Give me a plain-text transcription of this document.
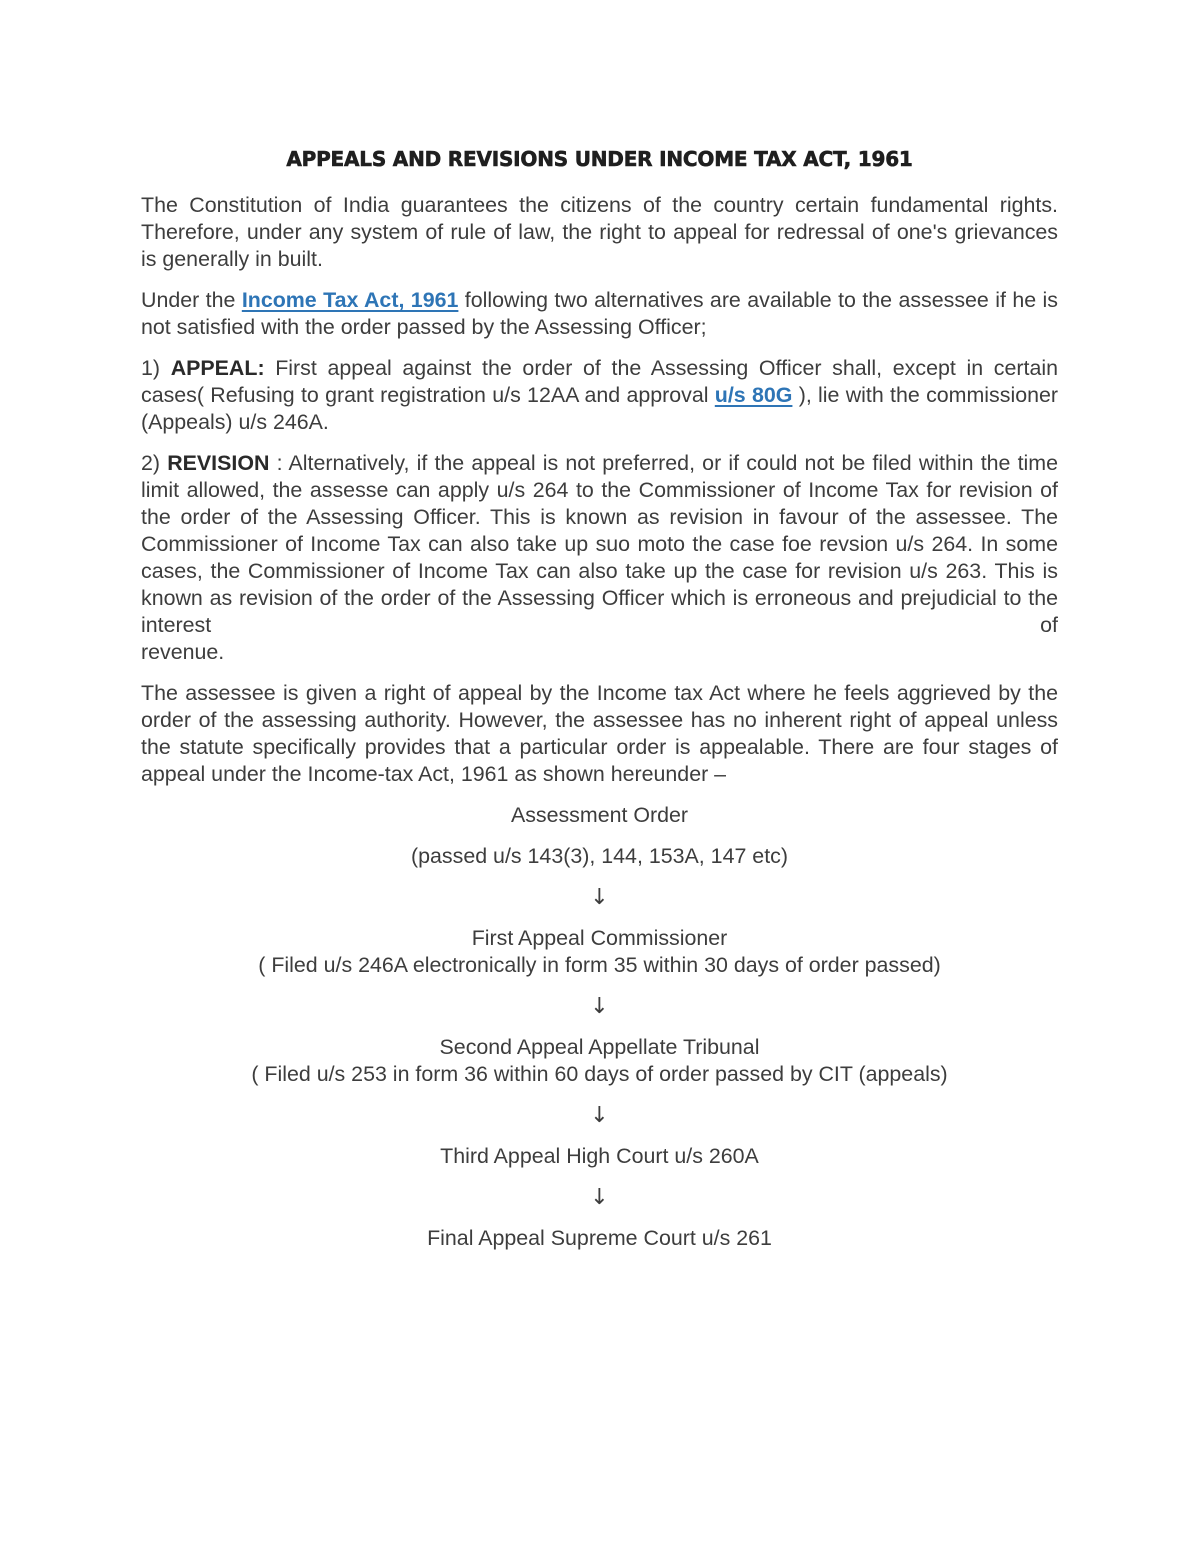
APPEALS AND REVISIONS UNDER INCOME TAX ACT, 1961

The Constitution of India guarantees the citizens of the country certain fundamental rights. Therefore, under any system of rule of law, the right to appeal for redressal of one's grievances is generally in built.

Under the Income Tax Act, 1961 following two alternatives are available to the assessee if he is not satisfied with the order passed by the Assessing Officer;

1) APPEAL: First appeal against the order of the Assessing Officer shall, except in certain cases( Refusing to grant registration u/s 12AA and approval u/s 80G ), lie with the commissioner (Appeals) u/s 246A.

2) REVISION : Alternatively, if the appeal is not preferred, or if could not be filed within the time limit allowed, the assesse can apply u/s 264 to the Commissioner of Income Tax for revision of the order of the Assessing Officer. This is known as revision in favour of the assessee. The Commissioner of Income Tax can also take up suo moto the case foe revsion u/s 264. In some cases, the Commissioner of Income Tax can also take up the case for revision u/s 263. This is known as revision of the order of the Assessing Officer which is erroneous and prejudicial to the interest of

revenue.

The assessee is given a right of appeal by the Income tax Act where he feels aggrieved by the order of the assessing authority. However, the assessee has no inherent right of appeal unless the statute specifically provides that a particular order is appealable. There are four stages of appeal under the Income-tax Act, 1961 as shown hereunder –

Assessment Order
(passed u/s 143(3), 144, 153A, 147 etc)
↓
First Appeal Commissioner
( Filed u/s 246A electronically in form 35 within 30 days of order passed)
↓
Second Appeal Appellate Tribunal
( Filed u/s 253 in form 36 within 60 days of order passed by CIT (appeals)
↓
Third Appeal High Court u/s 260A
↓
Final Appeal Supreme Court u/s 261
